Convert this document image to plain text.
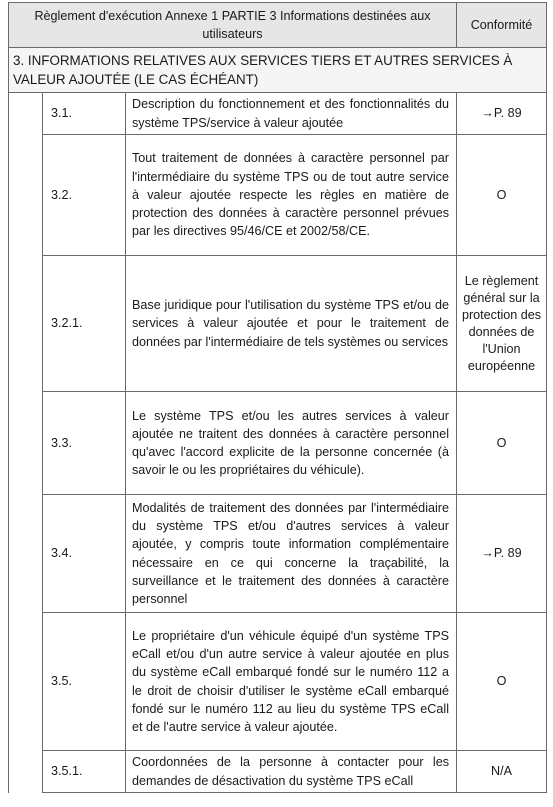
Règlement d'exécution Annexe 1 PARTIE 3 Informations destinées aux utilisateurs			Conformité
3. INFORMATIONS RELATIVES AUX SERVICES TIERS ET AUTRES SERVICES À VALEUR AJOUTÉE (LE CAS ÉCHÉANT)			
	3.1.	Description du fonctionnement et des fonctionnalités du système TPS/service à valeur ajoutée	→P. 89
	3.2.	Tout traitement de données à caractère personnel par l'intermédiaire du système TPS ou de tout autre service à valeur ajoutée respecte les règles en matière de protection des données à caractère personnel prévues par les directives 95/46/CE et 2002/58/CE.	O
	3.2.1.	Base juridique pour l'utilisation du système TPS et/ou de services à valeur ajoutée et pour le traitement de données par l'intermédiaire de tels systèmes ou services	Le règlement général sur la protection des données de l'Union européenne
	3.3.	Le système TPS et/ou les autres services à valeur ajoutée ne traitent des données à caractère personnel qu'avec l'accord explicite de la personne concernée (à savoir le ou les propriétaires du véhicule).	O
	3.4.	Modalités de traitement des données par l'intermédiaire du système TPS et/ou d'autres services à valeur ajoutée, y compris toute information complémentaire nécessaire en ce qui concerne la traçabilité, la surveillance et le traitement des données à caractère personnel	→P. 89
	3.5.	Le propriétaire d'un véhicule équipé d'un système TPS eCall et/ou d'un autre service à valeur ajoutée en plus du système eCall embarqué fondé sur le numéro 112 a le droit de choisir d'utiliser le système eCall embarqué fondé sur le numéro 112 au lieu du système TPS eCall et de l'autre service à valeur ajoutée.	O
	3.5.1.	Coordonnées de la personne à contacter pour les demandes de désactivation du système TPS eCall	N/A
